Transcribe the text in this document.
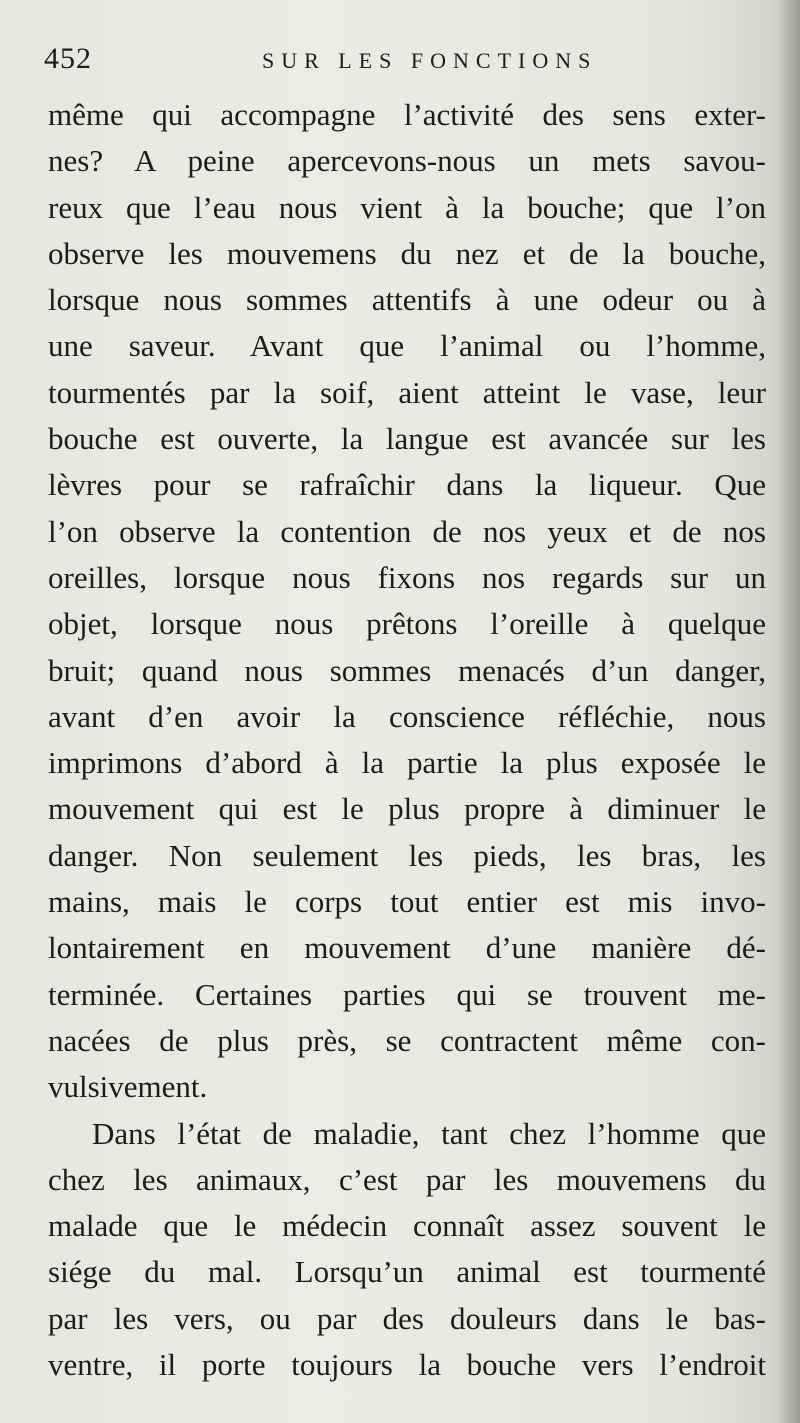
452	SUR LES FONCTIONS
même qui accompagne l’activité des sens exter-
nes? A peine apercevons-nous un mets savou-
reux que l’eau nous vient à la bouche; que l’on
observe les mouvemens du nez et de la bouche,
lorsque nous sommes attentifs à une odeur ou à
une saveur. Avant que l’animal ou l’homme,
tourmentés par la soif, aient atteint le vase, leur
bouche est ouverte, la langue est avancée sur les
lèvres pour se rafraîchir dans la liqueur. Que
l’on observe la contention de nos yeux et de nos
oreilles, lorsque nous fixons nos regards sur un
objet, lorsque nous prêtons l’oreille à quelque
bruit; quand nous sommes menacés d’un danger,
avant d’en avoir la conscience réfléchie, nous
imprimons d’abord à la partie la plus exposée le
mouvement qui est le plus propre à diminuer le
danger. Non seulement les pieds, les bras, les
mains, mais le corps tout entier est mis invo-
lontairement en mouvement d’une manière dé-
terminée. Certaines parties qui se trouvent me-
nacées de plus près, se contractent même con-
vulsivement.
Dans l’état de maladie, tant chez l’homme que
chez les animaux, c’est par les mouvemens du
malade que le médecin connaît assez souvent le
siége du mal. Lorsqu’un animal est tourmenté
par les vers, ou par des douleurs dans le bas-
ventre, il porte toujours la bouche vers l’endroit
